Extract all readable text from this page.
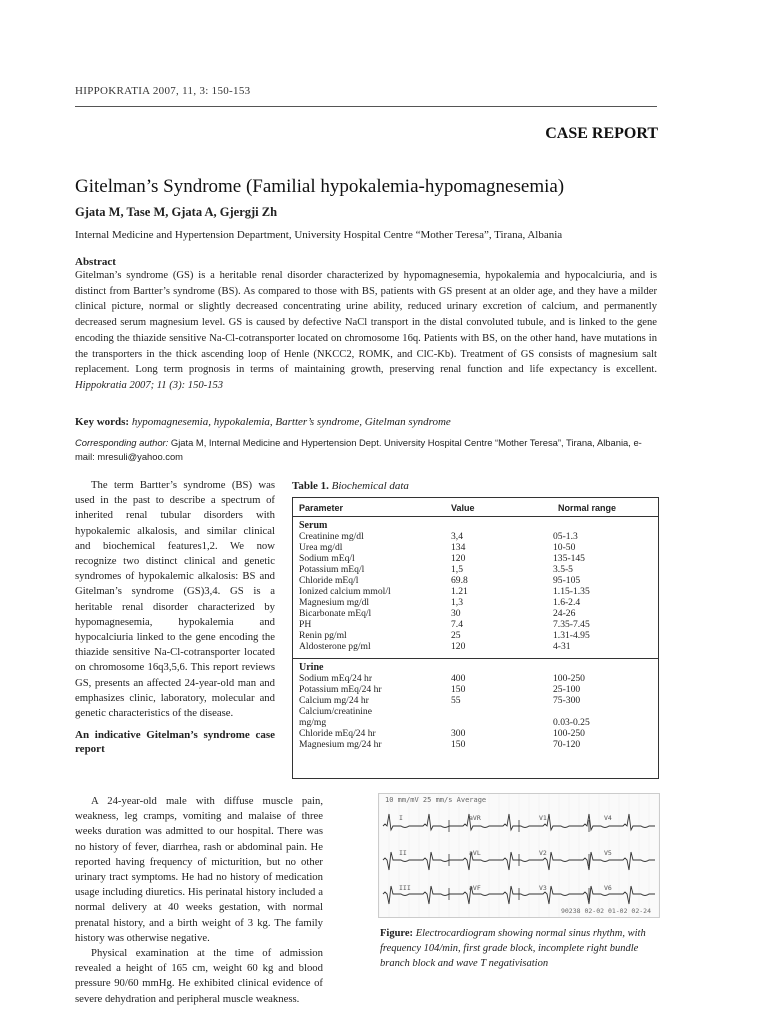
HIPPOKRATIA 2007, 11, 3: 150-153
CASE REPORT
Gitelman’s Syndrome (Familial hypokalemia-hypomagnesemia)
Gjata M, Tase M, Gjata A, Gjergji Zh
Internal Medicine and Hypertension Department, University Hospital Centre “Mother Teresa”, Tirana, Albania
Abstract
Gitelman’s syndrome (GS) is a heritable renal disorder characterized by hypomagnesemia, hypokalemia and hypocalciuria, and is distinct from Bartter’s syndrome (BS). As compared to those with BS, patients with GS present at an older age, and they have a milder clinical picture, normal or slightly decreased concentrating urine ability, reduced urinary excretion of calcium, and permanently decreased serum magnesium level. GS is caused by defective NaCl transport in the distal convoluted tubule, and is linked to the gene encoding the thiazide sensitive Na-Cl-cotransporter located on chromosome 16q. Patients with BS, on the other hand, have mutations in the transporters in the thick ascending loop of Henle (NKCC2, ROMK, and ClC-Kb). Treatment of GS consists of magnesium salt replacement. Long term prognosis in terms of maintaining growth, preserving renal function and life expectancy is excellent. Hippokratia 2007; 11 (3): 150-153
Key words: hypomagnesemia, hypokalemia, Bartter’s syndrome, Gitelman syndrome
Corresponding author: Gjata M, Internal Medicine and Hypertension Dept. University Hospital Centre “Mother Teresa”, Tirana, Albania, e-mail: mresuli@yahoo.com

The term Bartter’s syndrome (BS) was used in the past to describe a spectrum of inherited renal tubular disorders with hypokalemic alkalosis, and similar clinical and biochemical features1,2. We now recognize two distinct clinical and genetic syndromes of hypokalemic alkalosis: BS and Gitelman’s syndrome (GS)3,4. GS is a heritable renal disorder characterized by hypomagnesemia, hypokalemia and hypocalciuria linked to the gene encoding the thiazide sensitive Na-Cl-cotransporter located on chromosome 16q3,5,6. This report reviews GS, presents an affected 24-year-old man and emphasizes clinic, laboratory, molecular and genetic characteristics of the disease.

An indicative Gitelman’s syndrome case report

A 24-year-old male with diffuse muscle pain, weakness, leg cramps, vomiting and malaise of three weeks duration was admitted to our hospital. There was no history of fever, diarrhea, rash or abdominal pain. He reported having frequency of micturition, but no other urinary tract symptoms. He had no history of medication usage including diuretics. His perinatal history included a normal delivery at 40 weeks gestation, with normal prenatal history, and a birth weight of 3 kg. The family history was otherwise negative.

Physical examination at the time of admission revealed a height of 165 cm, weight 60 kg and blood pressure 90/60 mmHg. He exhibited clinical evidence of severe dehydration and peripheral muscle weakness.

Table 1. Biochemical data
Parameter	Value	Normal range
Serum
Creatinine mg/dl	3,4	05-1.3
Urea mg/dl	134	10-50
Sodium mEq/l	120	135-145
Potassium mEq/l	1,5	3.5-5
Chloride mEq/l	69.8	95-105
Ionized calcium mmol/l	1.21	1.15-1.35
Magnesium mg/dl	1,3	1.6-2.4
Bicarbonate mEq/l	30	24-26
PH	7.4	7.35-7.45
Renin pg/ml	25	1.31-4.95
Aldosterone pg/ml	120	4-31
Urine
Sodium mEq/24 hr	400	100-250
Potassium mEq/24 hr	150	25-100
Calcium mg/24 hr	55	75-300
Calcium/creatinine
mg/mg	0.03-0.25
Chloride mEq/24 hr	300	100-250
Magnesium mg/24 hr	150	70-120
10 mm/mV 25 mm/s Average
90238 02-02 01-02 02-24
I	aVR	V1	V4
II	aVL	V2	V5
III	aVF	V3	V6
Figure: Electrocardiogram showing normal sinus rhythm, with frequency 104/min, first grade block, incomplete right bundle branch block and wave T negativisation
